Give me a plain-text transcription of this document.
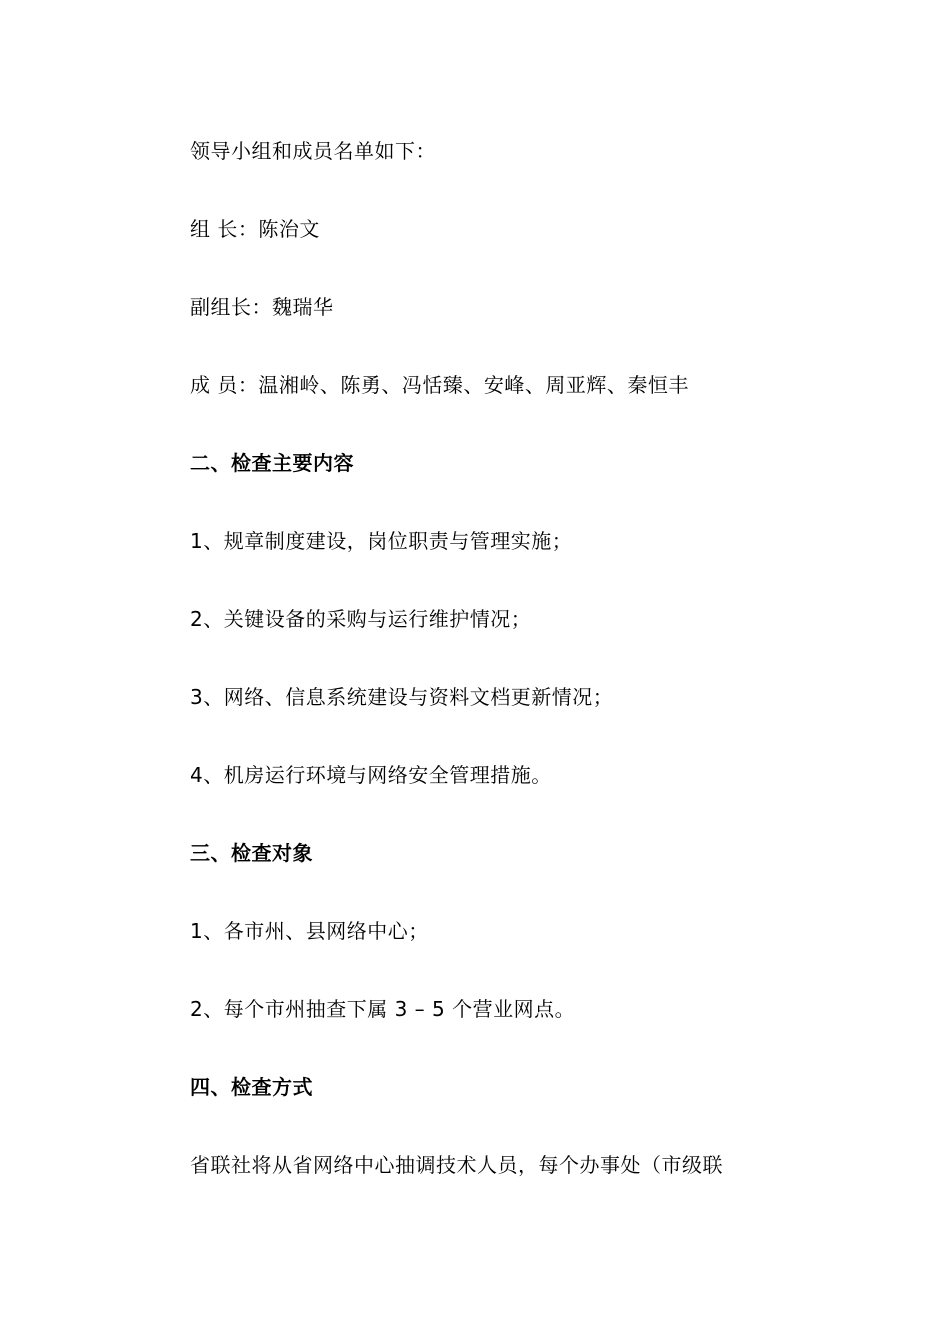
领导小组和成员名单如下：
组 长：陈治文
副组长：魏瑞华
成 员：温湘岭、陈勇、冯恬臻、安峰、周亚辉、秦恒丰
二、检查主要内容
1、规章制度建设，岗位职责与管理实施；
2、关键设备的采购与运行维护情况；
3、网络、信息系统建设与资料文档更新情况；
4、机房运行环境与网络安全管理措施。
三、检查对象
1、各市州、县网络中心；
2、每个市州抽查下属 3 – 5 个营业网点。
四、检查方式
省联社将从省网络中心抽调技术人员，每个办事处（市级联
